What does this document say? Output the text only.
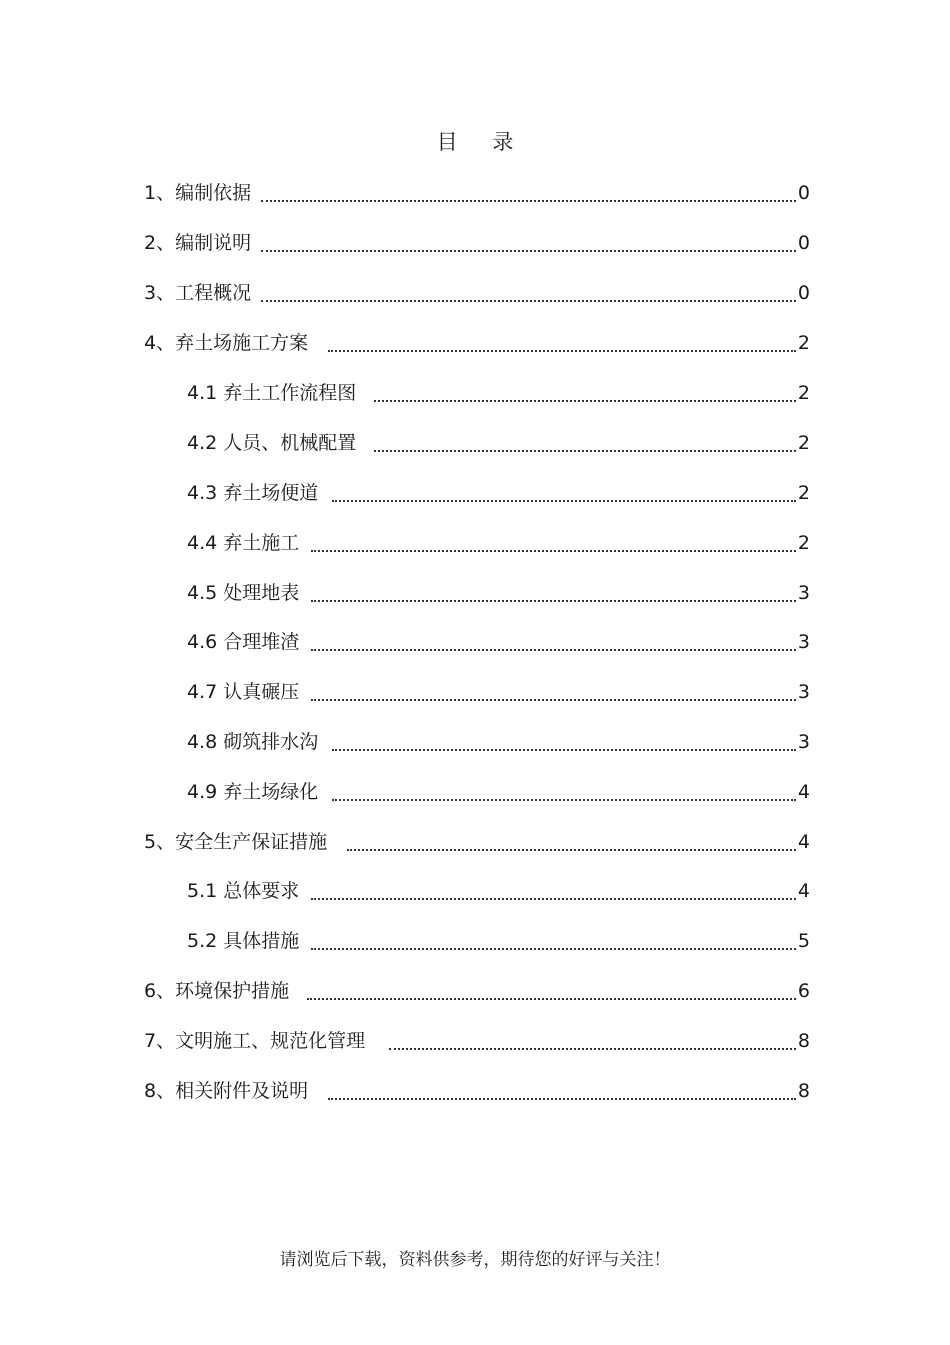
目 录
1、编制依据	0
2、编制说明	0
3、工程概况	0
4、弃土场施工方案	2
4.1 弃土工作流程图	2
4.2 人员、机械配置	2
4.3 弃土场便道	2
4.4 弃土施工	2
4.5 处理地表	3
4.6 合理堆渣	3
4.7 认真碾压	3
4.8 砌筑排水沟	3
4.9 弃土场绿化	4
5、安全生产保证措施	4
5.1 总体要求	4
5.2 具体措施	5
6、环境保护措施	6
7、文明施工、规范化管理	8
8、相关附件及说明	8
请浏览后下载，资料供参考，期待您的好评与关注！
